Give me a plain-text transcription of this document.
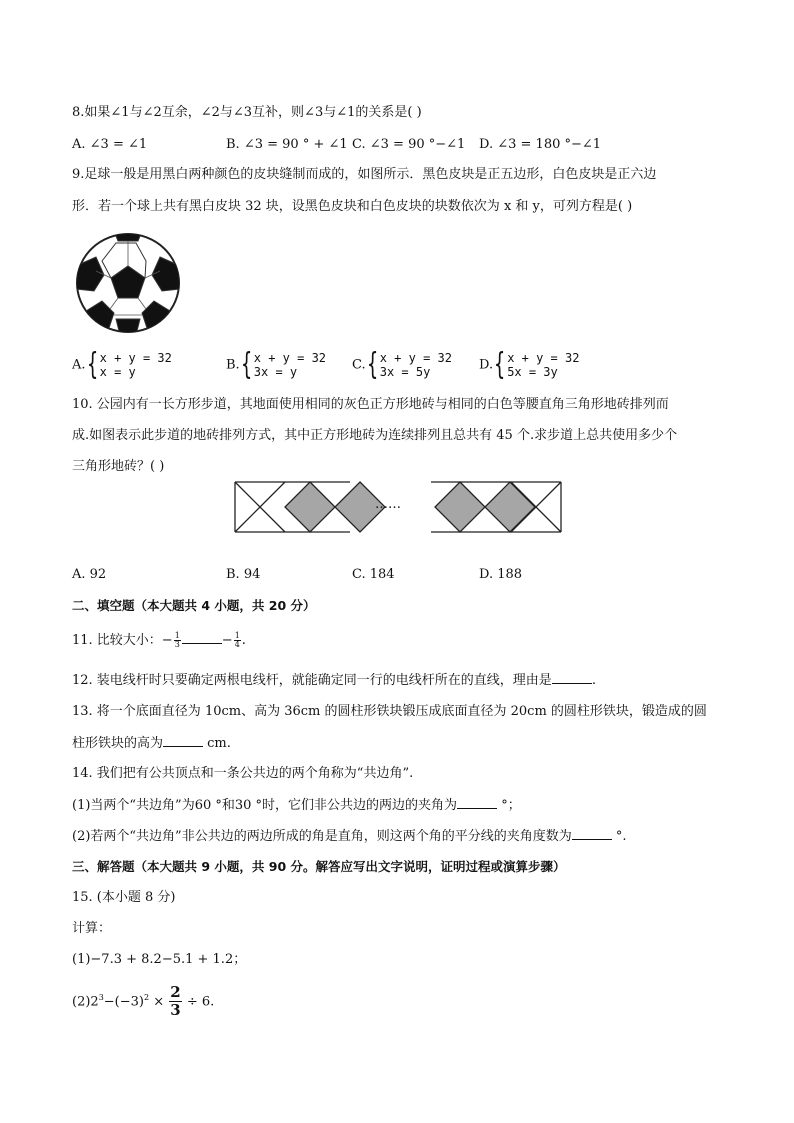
8.如果∠1与∠2互余，∠2与∠3互补，则∠3与∠1的关系是( )
A. ∠3 = ∠1	B. ∠3 = 90 ° + ∠1 C. ∠3 = 90 °−∠1 D. ∠3 = 180 °−∠1
9.足球一般是用黑白两种颜色的皮块缝制而成的，如图所示．黑色皮块是正五边形，白色皮块是正六边
形．若一个球上共有黑白皮块 32 块，设黑色皮块和白色皮块的块数依次为 x 和 y，可列方程是( )
A. { x + y = 32
x = y	B. { x + y = 32
3x = y	C. { x + y = 32
3x = 5y	D. { x + y = 32
5x = 3y
10. 公园内有一长方形步道，其地面使用相同的灰色正方形地砖与相同的白色等腰直角三角形地砖排列而
成.如图表示此步道的地砖排列方式，其中正方形地砖为连续排列且总共有 45 个.求步道上总共使用多少个
三角形地砖？( )
……
A. 92	B. 94	C. 184	D. 188
二、填空题（本大题共 4 小题，共 20 分）
11. 比较大小：− $\frac{1}{3}$	− $\frac{1}{4}$ .
12. 装电线杆时只要确定两根电线杆，就能确定同一行的电线杆所在的直线，理由是	.
13. 将一个底面直径为 10cm、高为 36cm 的圆柱形铁块锻压成底面直径为 20cm 的圆柱形铁块，锻造成的圆
柱形铁块的高为	cm.
14. 我们把有公共顶点和一条公共边的两个角称为“共边角”.
(1)当两个“共边角”为60 °和30 °时，它们非公共边的两边的夹角为	°；
(2)若两个“共边角”非公共边的两边所成的角是直角，则这两个角的平分线的夹角度数为	°.
三、解答题（本大题共 9 小题，共 90 分。解答应写出文字说明，证明过程或演算步骤）
15. (本小题 8 分)
计算：
(1)−7.3 + 8.2−5.1 + 1.2；
$(2)2^3-(-3)^2 \times \frac{2}{3} \div 6$.
